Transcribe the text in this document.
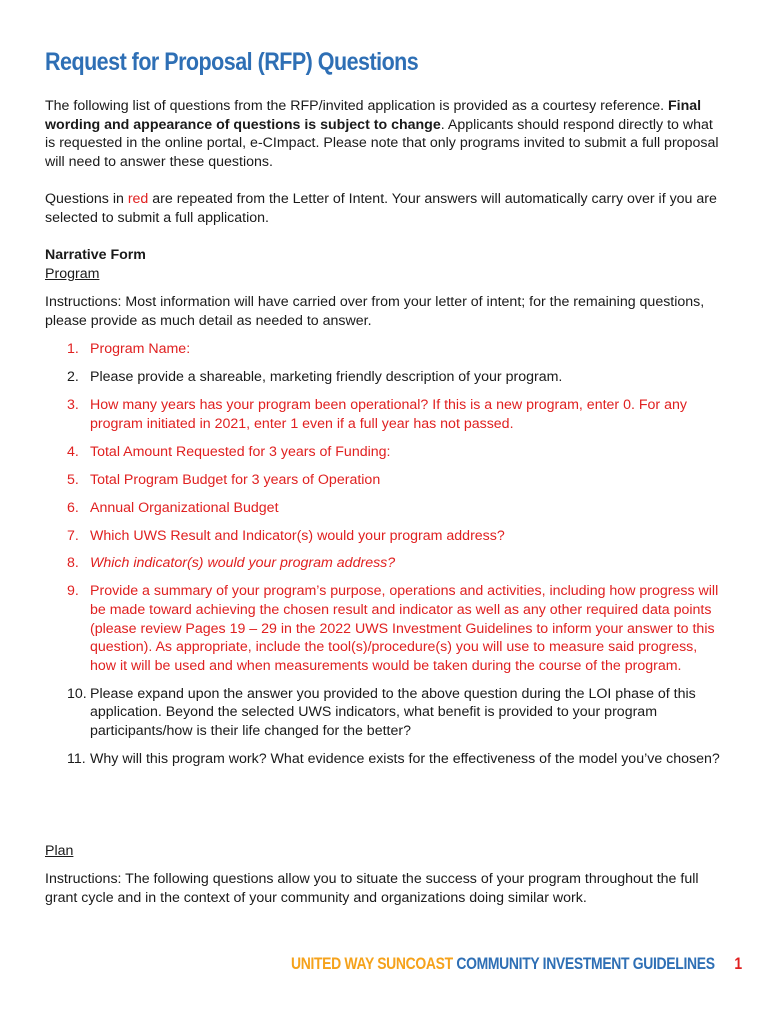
Request for Proposal (RFP) Questions

The following list of questions from the RFP/invited application is provided as a courtesy reference. Final wording and appearance of questions is subject to change. Applicants should respond directly to what is requested in the online portal, e-CImpact. Please note that only programs invited to submit a full proposal will need to answer these questions.

Questions in red are repeated from the Letter of Intent. Your answers will automatically carry over if you are selected to submit a full application.

Narrative Form

Program

Instructions: Most information will have carried over from your letter of intent; for the remaining questions, please provide as much detail as needed to answer.

1. Program Name:
2. Please provide a shareable, marketing friendly description of your program.
3. How many years has your program been operational? If this is a new program, enter 0. For any program initiated in 2021, enter 1 even if a full year has not passed.
4. Total Amount Requested for 3 years of Funding:
5. Total Program Budget for 3 years of Operation
6. Annual Organizational Budget
7. Which UWS Result and Indicator(s) would your program address?
8. Which indicator(s) would your program address?
9. Provide a summary of your program’s purpose, operations and activities, including how progress will be made toward achieving the chosen result and indicator as well as any other required data points (please review Pages 19 – 29 in the 2022 UWS Investment Guidelines to inform your answer to this question). As appropriate, include the tool(s)/procedure(s) you will use to measure said progress, how it will be used and when measurements would be taken during the course of the program.
10. Please expand upon the answer you provided to the above question during the LOI phase of this application. Beyond the selected UWS indicators, what benefit is provided to your program participants/how is their life changed for the better?
11. Why will this program work? What evidence exists for the effectiveness of the model you’ve chosen?

Plan

Instructions: The following questions allow you to situate the success of your program throughout the full grant cycle and in the context of your community and organizations doing similar work.

UNITED WAY SUNCOAST COMMUNITY INVESTMENT GUIDELINES 1
